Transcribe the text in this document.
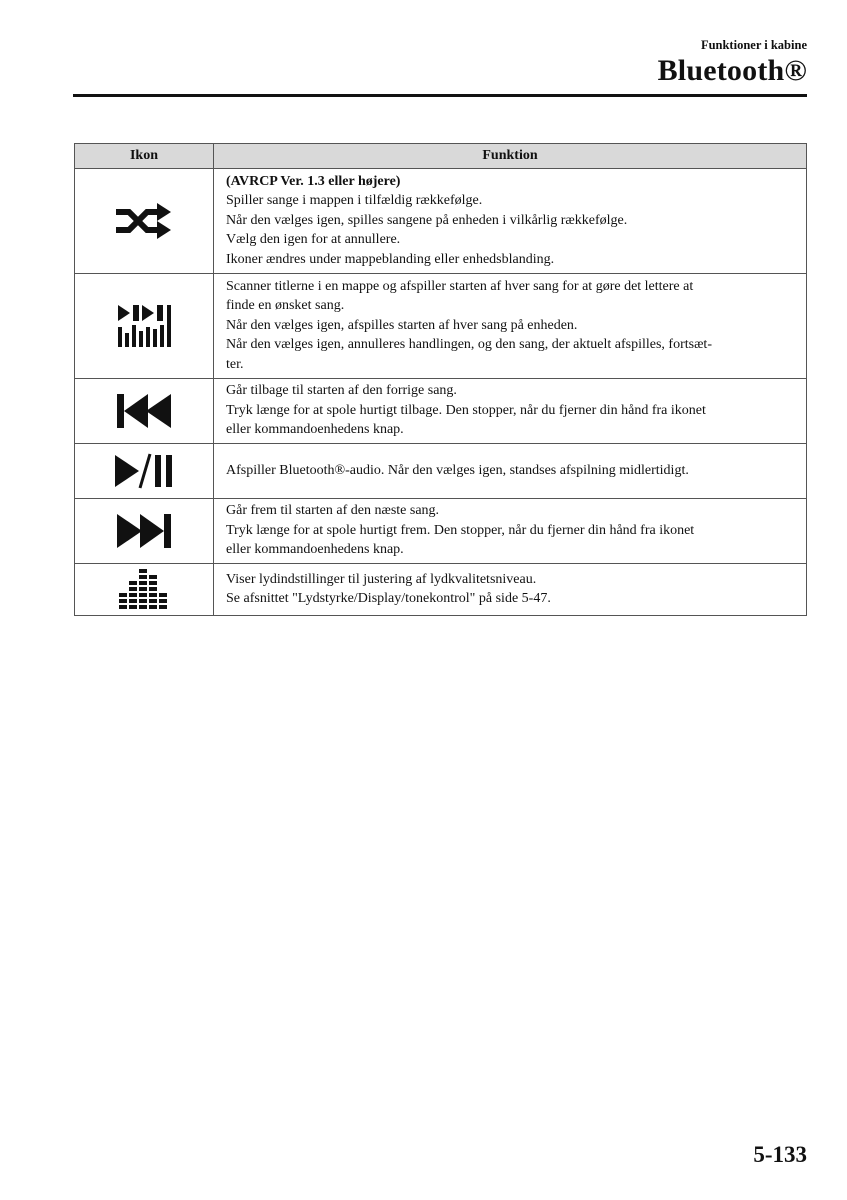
Funktioner i kabine
Bluetooth®
Ikon	Funktion

(AVRCP Ver. 1.3 eller højere)
Spiller sange i mappen i tilfældig rækkefølge.
Når den vælges igen, spilles sangene på enheden i vilkårlig rækkefølge.
Vælg den igen for at annullere.
Ikoner ændres under mappeblanding eller enhedsblanding.

Scanner titlerne i en mappe og afspiller starten af hver sang for at gøre det lettere at
finde en ønsket sang.
Når den vælges igen, afspilles starten af hver sang på enheden.
Når den vælges igen, annulleres handlingen, og den sang, der aktuelt afspilles, fortsæt-
ter.

Går tilbage til starten af den forrige sang.
Tryk længe for at spole hurtigt tilbage. Den stopper, når du fjerner din hånd fra ikonet
eller kommandoenhedens knap.

Afspiller Bluetooth®-audio. Når den vælges igen, standses afspilning midlertidigt.

Går frem til starten af den næste sang.
Tryk længe for at spole hurtigt frem. Den stopper, når du fjerner din hånd fra ikonet
eller kommandoenhedens knap.

Viser lydindstillinger til justering af lydkvalitetsniveau.
Se afsnittet "Lydstyrke/Display/tonekontrol" på side 5-47.
5-133
